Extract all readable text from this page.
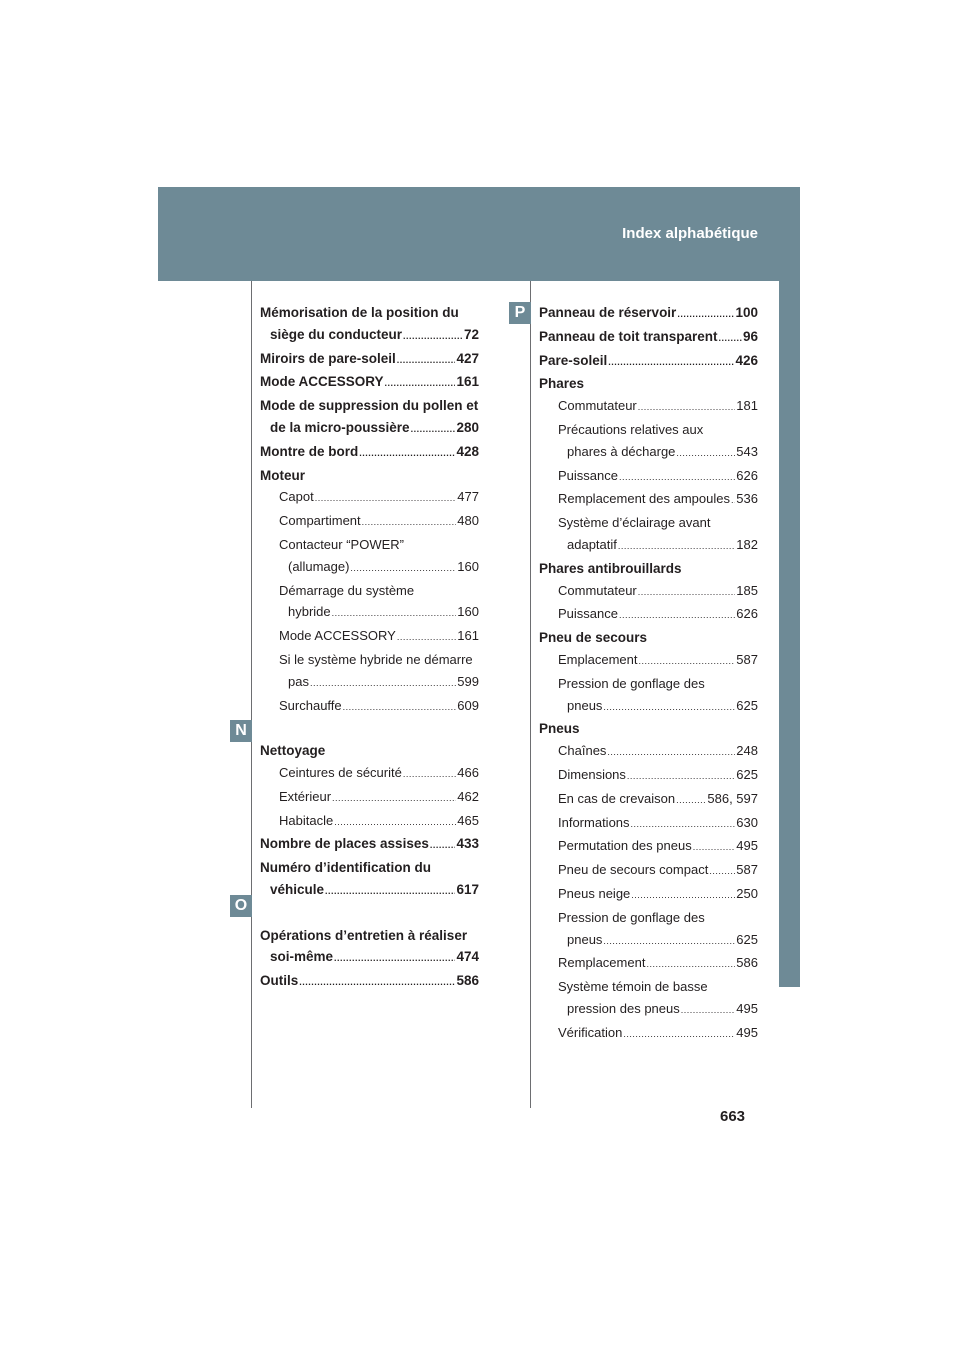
Index alphabétique
P
N
O
Mémorisation de la position du
siège du conducteur .....	72
Miroirs de pare-soleil .....	427
Mode ACCESSORY .....	161
Mode de suppression du pollen et
de la micro-poussière .....	280
Montre de bord .....	428
Moteur
Capot .....	477
Compartiment .....	480
Contacteur “POWER”
(allumage) .....	160
Démarrage du système
hybride .....	160
Mode ACCESSORY .....	161
Si le système hybride ne démarre
pas .....	599
Surchauffe .....	609
Nettoyage
Ceintures de sécurité .....	466
Extérieur .....	462
Habitacle .....	465
Nombre de places assises ..... 433
Numéro d’identification du
véhicule .....	617
Opérations d’entretien à réaliser
soi-même .....	474
Outils .....	586
Panneau de réservoir .....	100
Panneau de toit transparent ..... 96
Pare-soleil .....	426
Phares
Commutateur .....	181
Précautions relatives aux
phares à décharge .....	543
Puissance .....	626
Remplacement des ampoules ..... 536
Système d’éclairage avant
adaptatif .....	182
Phares antibrouillards
Commutateur .....	185
Puissance .....	626
Pneu de secours
Emplacement .....	587
Pression de gonflage des
pneus .....	625
Pneus
Chaînes .....	248
Dimensions .....	625
En cas de crevaison ..... 586, 597
Informations .....	630
Permutation des pneus .....	495
Pneu de secours compact ..... 587
Pneus neige .....	250
Pression de gonflage des
pneus .....	625
Remplacement .....	586
Système témoin de basse
pression des pneus .....	495
Vérification .....	495
663
